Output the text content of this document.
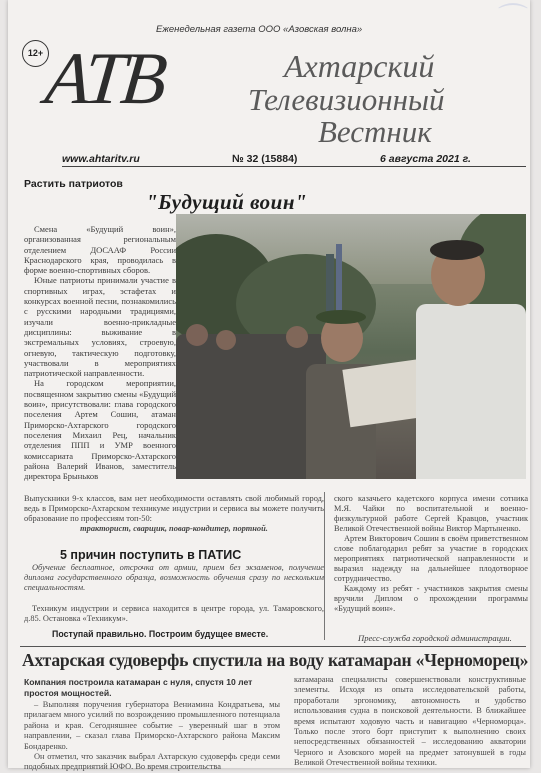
⌒
Еженедельная газета ООО «Азовская волна»
12+
АТВ	Ахтарский
Телевизионный
Вестник
www.ahtaritv.ru	№ 32 (15884)	6 августа 2021 г.
Растить патриотов
"Будущий воин"

Смена «Будущий воин», организованная региональным отделением ДОСААФ России Краснодарского края, проводилась в форме военно-спортивных сборов.

Юные патриоты принимали участие в спортивных играх, эстафетах и конкурсах военной песни, познакомились с русскими народными традициями, изучали военно-прикладные дисциплины: выживание в экстремальных условиях, строевую, огневую, тактическую подготовку, участвовали в мероприятиях патриотической направленности.

На городском мероприятии, посвященном закрытию смены «Будущий воин», присутствовали: глава городского поселения Артем Сошин, атаман Приморско-Ахтарского городского поселения Михаил Рец, начальник отделения ППП и УМР военного комиссариата Приморско-Ахтарского района Валерий Иванов, заместитель директора Брыньков

Выпускники 9-х классов, вам нет необходимости оставлять свой любимый город, ведь в Приморско-Ахтарском техникуме индустрии и сервиса вы можете получить образование по профессиям топ-50:

тракторист, сварщик, повар-кондитер, портной.

5 причин поступить в ПАТИС

Обучение бесплатное, отсрочка от армии, прием без экзаменов, получение диплома государственного образца, возможность обучения сразу по нескольким специальностям.

Техникум индустрии и сервиса находится в центре города, ул. Тамаровского, д.85. Остановка «Техникум».

Поступай правильно. Построим будущее вместе.

ского казачьего кадетского корпуса имени сотника М.Я. Чайки по воспитательной и военно-физкультурной работе Сергей Кравцов, участник Великой Отечественной войны Виктор Мартыненко.

Артем Викторович Сошин в своём приветственном слове поблагодарил ребят за участие в городских мероприятиях патриотической направленности и выразил надежду на дальнейшее плодотворное сотрудничество.

Каждому из ребят - участников закрытия смены вручили Диплом о прохождении программы «Будущий воин».

Пресс-служба городской администрации.
Ахтарская судоверфь спустила на воду катамаран «Черноморец»
Компания построила катамаран с нуля, спустя 10 лет простоя мощностей.

– Выполняя поручения губернатора Вениамина Кондратьева, мы прилагаем много усилий по возрождению промышленного потенциала района и края. Сегодняшнее событие – уверенный шаг в этом направлении, – сказал глава Приморско-Ахтарского района Максим Бондаренко.

Он отметил, что заказчик выбрал Ахтарскую судоверфь среди семи подобных предприятий ЮФО. Во время строительства

катамарана специалисты совершенствовали конструктивные элементы. Исходя из опыта исследовательской работы, проработали эргономику, автономность и удобство использования судна в поисковой деятельности. В ближайшее время испытают ходовую часть и навигацию «Черноморца». Только после этого борт приступит к выполнению своих непосредственных обязанностей – исследованию акватории Черного и Азовского морей на предмет затонувшей в годы Великой Отечественной войны техники.
